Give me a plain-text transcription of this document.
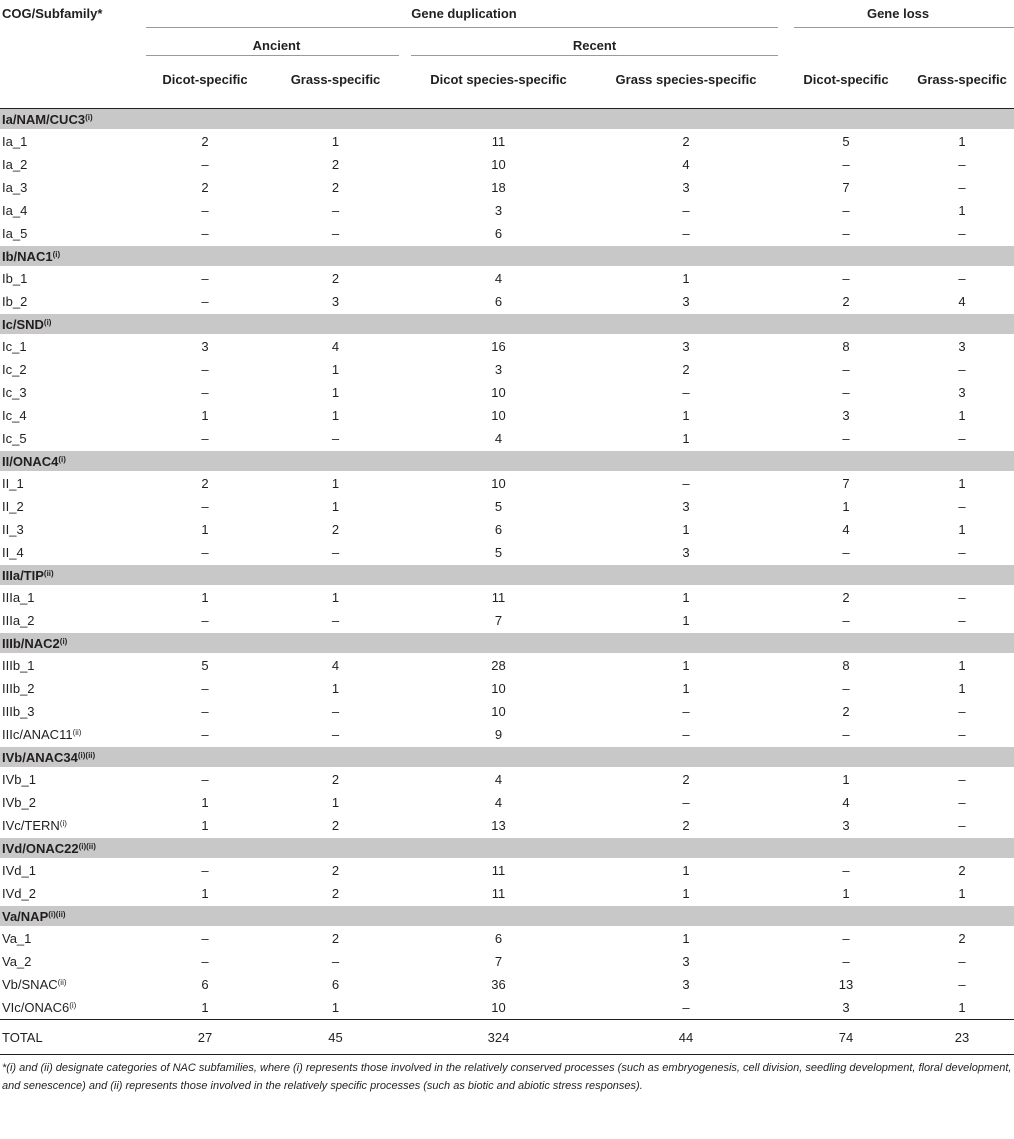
COG/Subfamily*	Gene duplication				Gene loss	
	Ancient		Recent			
	Dicot-specific	Grass-specific	Dicot species-specific	Grass species-specific	Dicot-specific	Grass-specific
Ia/NAM/CUC3$^{(i)}$
Ia_1	2	1	11	2	5	1
Ia_2	–	2	10	4	–	–
Ia_3	2	2	18	3	7	–
Ia_4	–	–	3	–	–	1
Ia_5	–	–	6	–	–	–
Ib/NAC1$^{(i)}$
Ib_1	–	2	4	1	–	–
Ib_2	–	3	6	3	2	4
Ic/SND$^{(i)}$
Ic_1	3	4	16	3	8	3
Ic_2	–	1	3	2	–	–
Ic_3	–	1	10	–	–	3
Ic_4	1	1	10	1	3	1
Ic_5	–	–	4	1	–	–
II/ONAC4$^{(i)}$
II_1	2	1	10	–	7	1
II_2	–	1	5	3	1	–
II_3	1	2	6	1	4	1
II_4	–	–	5	3	–	–
IIIa/TIP$^{(ii)}$
IIIa_1	1	1	11	1	2	–
IIIa_2	–	–	7	1	–	–
IIIb/NAC2$^{(i)}$
IIIb_1	5	4	28	1	8	1
IIIb_2	–	1	10	1	–	1
IIIb_3	–	–	10	–	2	–
IIIc/ANAC11$^{(ii)}$	–	–	9	–	–	–
IVb/$ANAC34^{(i)(ii)}$
IVb_1	–	2	4	2	1	–
IVb_2	1	1	4	–	4	–
IVc/TERN$^{(i)}$	1	2	13	2	3	–
IVd/$ONAC22^{(i)(ii)}$
IVd_1	–	2	11	1	–	2
IVd_2	1	2	11	1	1	1
$Va/NAP^{(i)(ii)}$
Va_1	–	2	6	1	–	2
Va_2	–	–	7	3	–	–
Vb/SNAC$^{(ii)}$	6	6	36	3	13	–
VIc/ONAC6$^{(i)}$	1	1	10	–	3	1
TOTAL	27	45	324	44	74	23
*(i) and (ii) designate categories of NAC subfamilies, where (i) represents those involved in the relatively conserved processes (such as embryogenesis, cell division, seedling development, floral development, and senescence) and (ii) represents those involved in the relatively specific processes (such as biotic and abiotic stress responses).						
